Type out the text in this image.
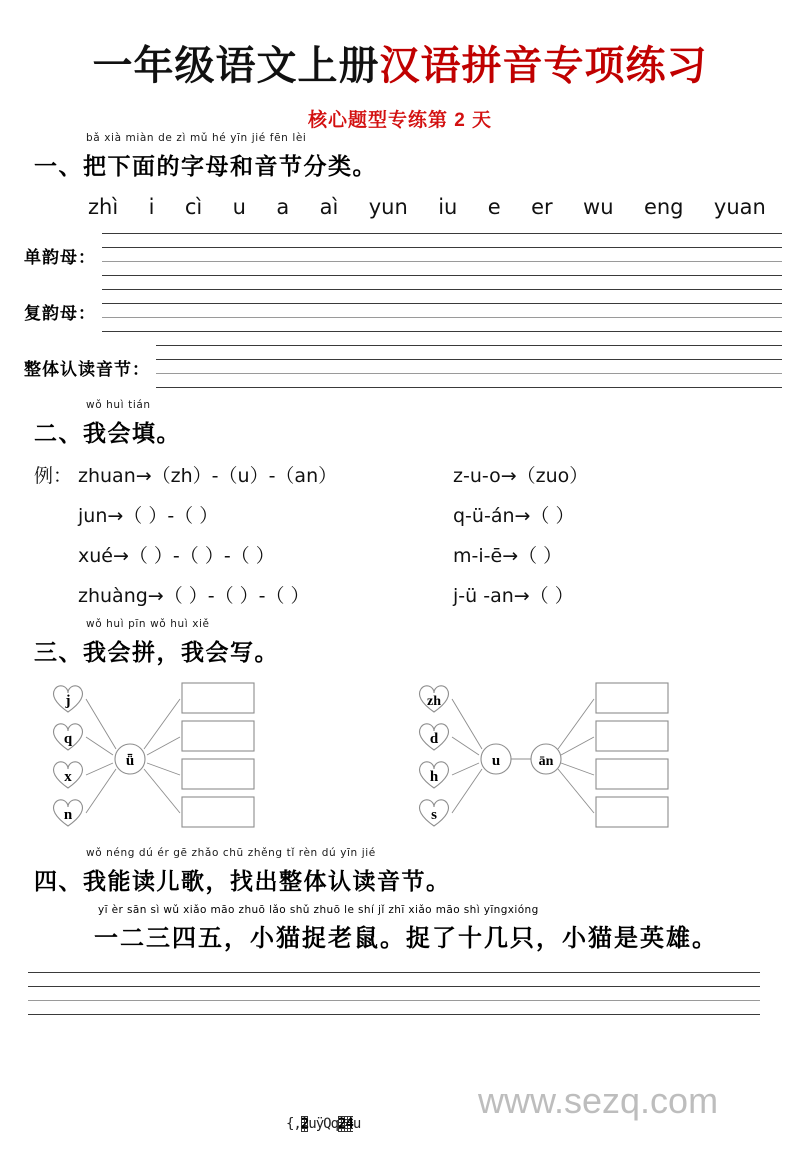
一年级语文上册汉语拼音专项练习
核心题型专练第 2 天
bǎ xià miàn de zì mǔ hé yīn jié fēn lèi
一、把下面的字母和音节分类。
zhì i cì u a aì yun iu e er wu eng yuan
单韵母：
复韵母：
整体认读音节：
wǒ huì tián
二、我会填。
例： zhuan→（zh）-（u）-（an）	z-u-o→（zuo）
jun→（ ）-（ ）	q-ü-án→（ ）
xué→（ ）-（ ）-（ ）	m-i-ē→（ ）
zhuàng→（ ）-（ ）-（ ）	j-ü -an→（ ）
wǒ huì pīn wǒ huì xiě
三、我会拼，我会写。
j
q
x
n
ǖ
zh
d
h
s
u	ān
wǒ néng dú ér gē zhǎo chū zhěng tǐ rèn dú yīn jié
四、我能读儿歌，找出整体认读音节。
yī èr sān sì wǔ xiǎo māo zhuō lǎo shǔ zhuō le shí jǐ zhī xiǎo māo shì yīngxióng
一二三四五，小猫捉老鼠。捉了十几只，小猫是英雄。
www.sezq.com
{,2uÿQq24u
